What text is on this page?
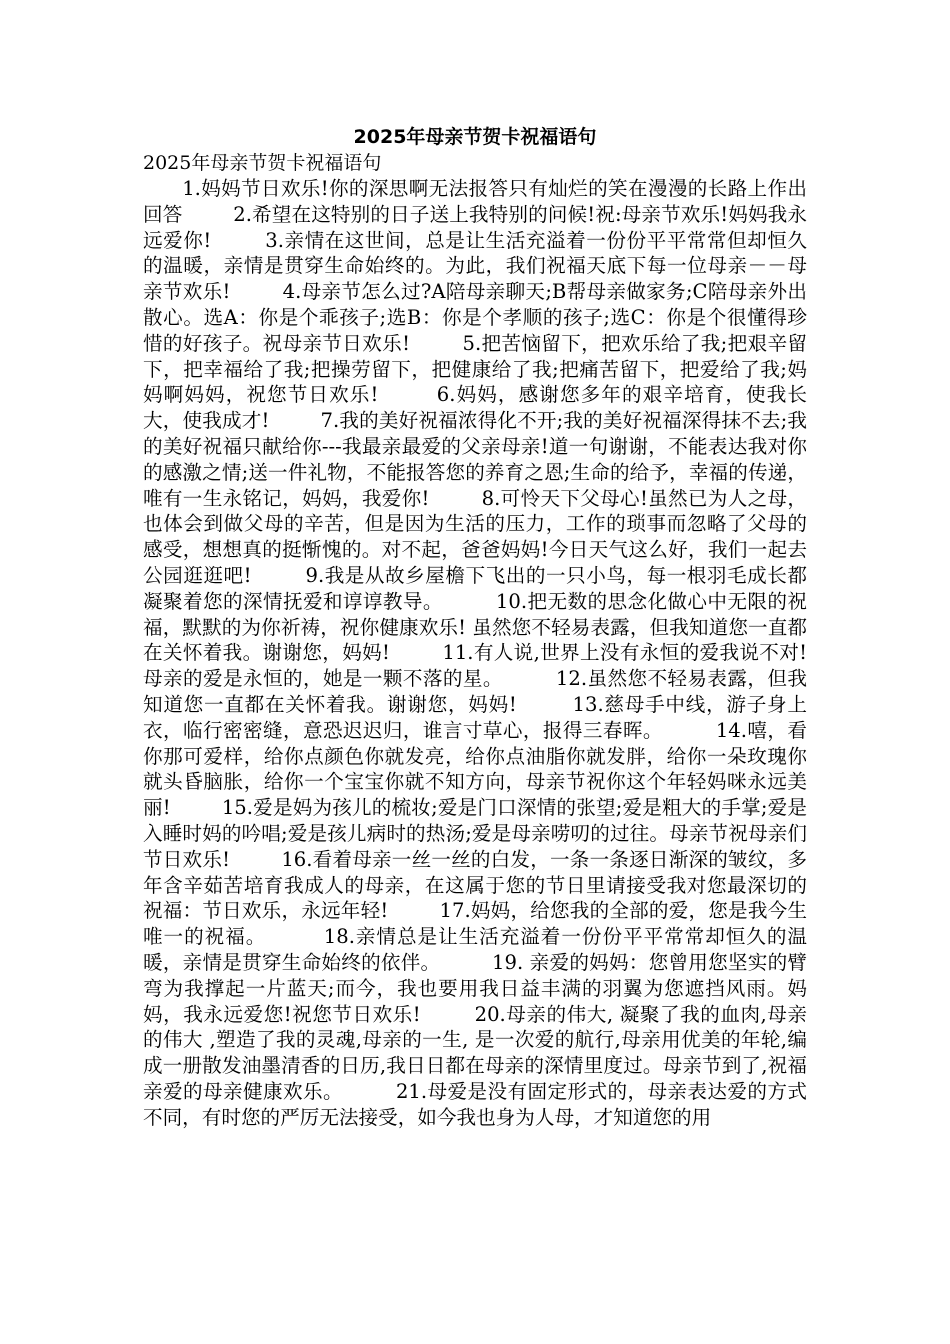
2025年母亲节贺卡祝福语句

2025年母亲节贺卡祝福语句

1.妈妈节日欢乐!你的深思啊无法报答只有灿烂的笑在漫漫的长路上作出回答        2.希望在这特别的日子送上我特别的问候!祝:母亲节欢乐!妈妈我永远爱你!        3.亲情在这世间，总是让生活充溢着一份份平平常常但却恒久的温暖，亲情是贯穿生命始终的。为此，我们祝福天底下每一位母亲－－母亲节欢乐!        4.母亲节怎么过?A陪母亲聊天;B帮母亲做家务;C陪母亲外出散心。选A：你是个乖孩子;选B：你是个孝顺的孩子;选C：你是个很懂得珍惜的好孩子。祝母亲节日欢乐!        5.把苦恼留下，把欢乐给了我;把艰辛留下，把幸福给了我;把操劳留下，把健康给了我;把痛苦留下，把爱给了我;妈妈啊妈妈，祝您节日欢乐!        6.妈妈，感谢您多年的艰辛培育，使我长大，使我成才!        7.我的美好祝福浓得化不开;我的美好祝福深得抹不去;我的美好祝福只献给你---我最亲最爱的父亲母亲!道一句谢谢，不能表达我对你的感激之情;送一件礼物，不能报答您的养育之恩;生命的给予，幸福的传递，唯有一生永铭记，妈妈，我爱你!        8.可怜天下父母心!虽然已为人之母，也体会到做父母的辛苦，但是因为生活的压力，工作的琐事而忽略了父母的感受，想想真的挺惭愧的。对不起，爸爸妈妈!今日天气这么好，我们一起去公园逛逛吧!        9.我是从故乡屋檐下飞出的一只小鸟，每一根羽毛成长都凝聚着您的深情抚爱和谆谆教导。        10.把无数的思念化做心中无限的祝福，默默的为你祈祷，祝你健康欢乐! 虽然您不轻易表露，但我知道您一直都在关怀着我。谢谢您，妈妈!        11.有人说,世界上没有永恒的爱我说不对!母亲的爱是永恒的，她是一颗不落的星。        12.虽然您不轻易表露，但我知道您一直都在关怀着我。谢谢您，妈妈!        13.慈母手中线，游子身上衣，临行密密缝，意恐迟迟归，谁言寸草心，报得三春晖。        14.嘻，看你那可爱样，给你点颜色你就发亮，给你点油脂你就发胖，给你一朵玫瑰你就头昏脑胀，给你一个宝宝你就不知方向，母亲节祝你这个年轻妈咪永远美丽!        15.爱是妈为孩儿的梳妆;爱是门口深情的张望;爱是粗大的手掌;爱是入睡时妈的吟唱;爱是孩儿病时的热汤;爱是母亲唠叨的过往。母亲节祝母亲们节日欢乐!        16.看着母亲一丝一丝的白发，一条一条逐日渐深的皱纹，多年含辛茹苦培育我成人的母亲，在这属于您的节日里请接受我对您最深切的祝福：节日欢乐，永远年轻!        17.妈妈，给您我的全部的爱，您是我今生唯一的祝福。        18.亲情总是让生活充溢着一份份平平常常却恒久的温暖，亲情是贯穿生命始终的依伴。        19. 亲爱的妈妈：您曾用您坚实的臂弯为我撑起一片蓝天;而今，我也要用我日益丰满的羽翼为您遮挡风雨。妈妈，我永远爱您!祝您节日欢乐!        20.母亲的伟大, 凝聚了我的血肉,母亲的伟大 ,塑造了我的灵魂,母亲的一生, 是一次爱的航行,母亲用优美的年轮,编成一册散发油墨清香的日历,我日日都在母亲的深情里度过。母亲节到了,祝福亲爱的母亲健康欢乐。        21.母爱是没有固定形式的，母亲表达爱的方式不同，有时您的严厉无法接受，如今我也身为人母，才知道您的用
